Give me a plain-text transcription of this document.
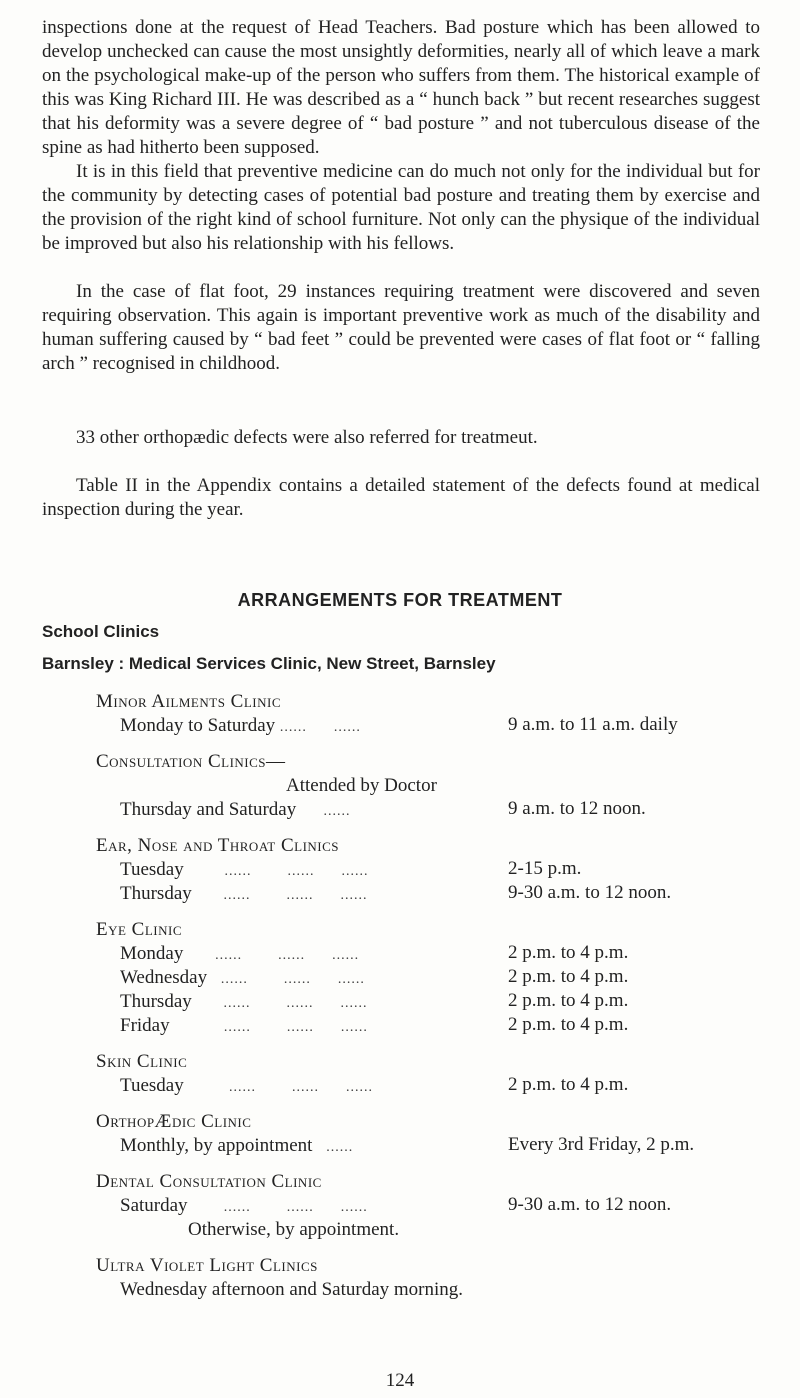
inspections done at the request of Head Teachers. Bad posture which has been allowed to develop unchecked can cause the most unsightly deformities, nearly all of which leave a mark on the psychological make-up of the person who suffers from them. The historical example of this was King Richard III. He was described as a “ hunch back ” but recent researches suggest that his deformity was a severe degree of “ bad posture ” and not tuberculous disease of the spine as had hitherto been supposed.

It is in this field that preventive medicine can do much not only for the individual but for the community by detecting cases of potential bad posture and treating them by exercise and the provision of the right kind of school furniture. Not only can the physique of the individual be improved but also his relationship with his fellows.

In the case of flat foot, 29 instances requiring treatment were discovered and seven requiring observation. This again is important preventive work as much of the disability and human suffering caused by “ bad feet ” could be prevented were cases of flat foot or “ falling arch ” recognised in childhood.

33 other orthopædic defects were also referred for treatmeut.

Table II in the Appendix contains a detailed statement of the defects found at medical inspection during the year.

ARRANGEMENTS FOR TREATMENT
School Clinics
Barnsley : Medical Services Clinic, New Street, Barnsley
Minor Ailments Clinic
Monday to Saturday ......      ......	9 a.m. to 11 a.m. daily
Consultation Clinics—
Attended by Doctor
Thursday and Saturday      ......	9 a.m. to 12 noon.
Ear, Nose and Throat Clinics
Tuesday         ......        ......      ......	2-15 p.m.
Thursday       ......        ......      ......	9-30 a.m. to 12 noon.
Eye Clinic
Monday       ......        ......      ......	2 p.m. to 4 p.m.
Wednesday   ......        ......      ......	2 p.m. to 4 p.m.
Thursday       ......        ......      ......	2 p.m. to 4 p.m.
Friday            ......        ......      ......	2 p.m. to 4 p.m.
Skin Clinic
Tuesday          ......        ......      ......	2 p.m. to 4 p.m.
OrthopÆdic Clinic
Monthly, by appointment   ......	Every 3rd Friday, 2 p.m.
Dental Consultation Clinic
Saturday        ......        ......      ......	9-30 a.m. to 12 noon.
Otherwise, by appointment.
Ultra Violet Light Clinics
Wednesday afternoon and Saturday morning.
124
